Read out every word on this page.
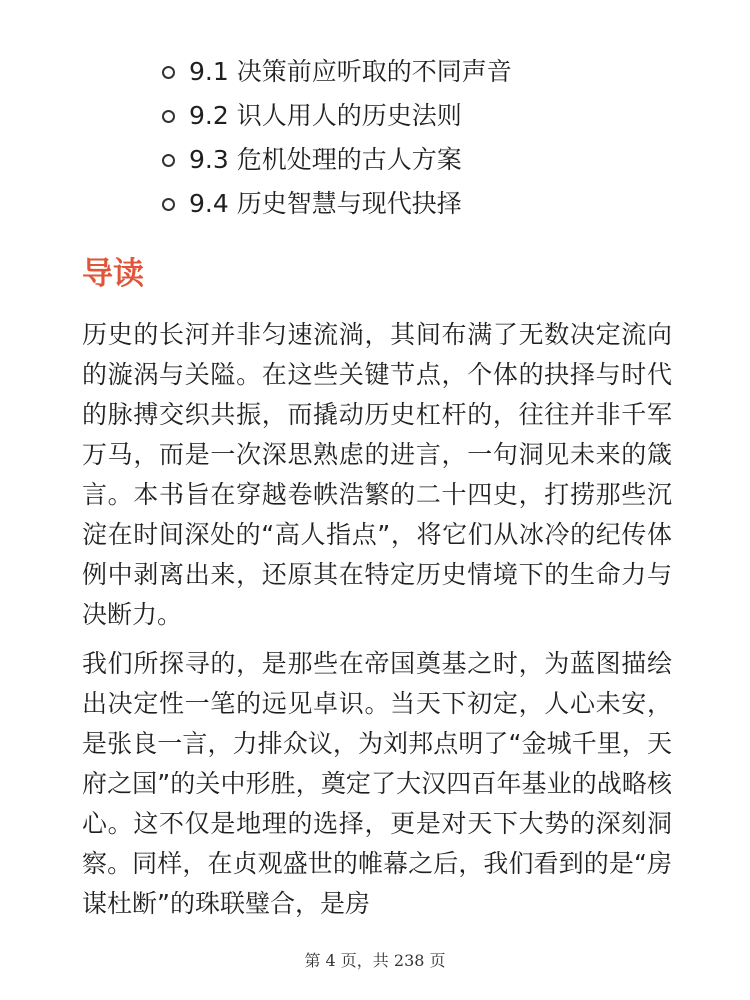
9.1
决策前应听取的不同声音
9.2
识人用人的历史法则
9.3
危机处理的古人方案
9.4
历史智慧与现代抉择
导读

历史的长河并非匀速流淌，其间布满了无数决定流向的漩涡与关隘。在这些关键节点，个体的抉择与时代的脉搏交织共振，而撬动历史杠杆的，往往并非千军万马，而是一次深思熟虑的进言，一句洞见未来的箴言。本书旨在穿越卷帙浩繁的二十四史，打捞那些沉淀在时间深处的“高人指点”，将它们从冰冷的纪传体例中剥离出来，还原其在特定历史情境下的生命力与决断力。

我们所探寻的，是那些在帝国奠基之时，为蓝图描绘出决定性一笔的远见卓识。当天下初定，人心未安，是张良一言，力排众议，为刘邦点明了“金城千里，天府之国”的关中形胜，奠定了大汉四百年基业的战略核心。这不仅是地理的选择，更是对天下大势的深刻洞察。同样，在贞观盛世的帷幕之后，我们看到的是“房谋杜断”的珠联璧合，是房

第 4 页，共 238 页
